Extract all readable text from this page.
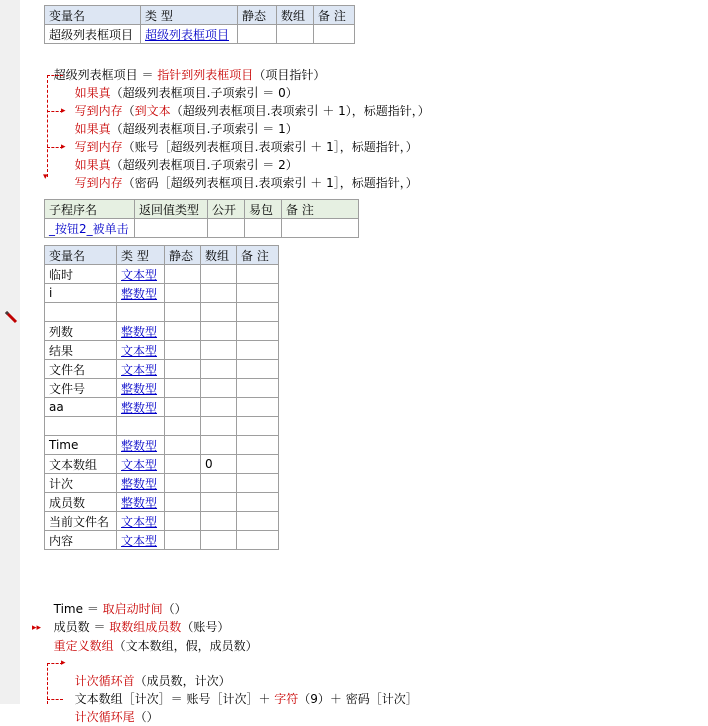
变量名	类 型	静态	数组	备 注
超级列表框项目	超级列表框项目			

超级列表框项目 ＝ 指针到列表框项目（项目指针）

▸
▸
▾

如果真（超级列表框项目.子项索引 ＝ 0）

写到内存（到文本（超级列表框项目.表项索引 ＋ 1），标题指针，）

如果真（超级列表框项目.子项索引 ＝ 1）

写到内存（账号［超级列表框项目.表项索引 ＋ 1］，标题指针，）

如果真（超级列表框项目.子项索引 ＝ 2）

写到内存（密码［超级列表框项目.表项索引 ＋ 1］，标题指针，）

子程序名	返回值类型	公开	易包	备 注
_按钮2_被单击				
变量名	类 型	静态	数组	备 注
临时	文本型			
i	整数型			

列数	整数型			
结果	文本型			
文件名	文本型			
文件号	整数型			
aa	整数型			

Time	整数型			
文本数组	文本型		0	
计次	整数型			
成员数	整数型			
当前文件名	文本型			
内容	文本型			

Time ＝ 取启动时间（）

成员数 ＝ 取数组成员数（账号）

▸▸

重定义数组（文本数组，假，成员数）

▸

计次循环首（成员数，计次）

文本数组［计次］＝ 账号［计次］＋ 字符（9）＋ 密码［计次］

计次循环尾（）
